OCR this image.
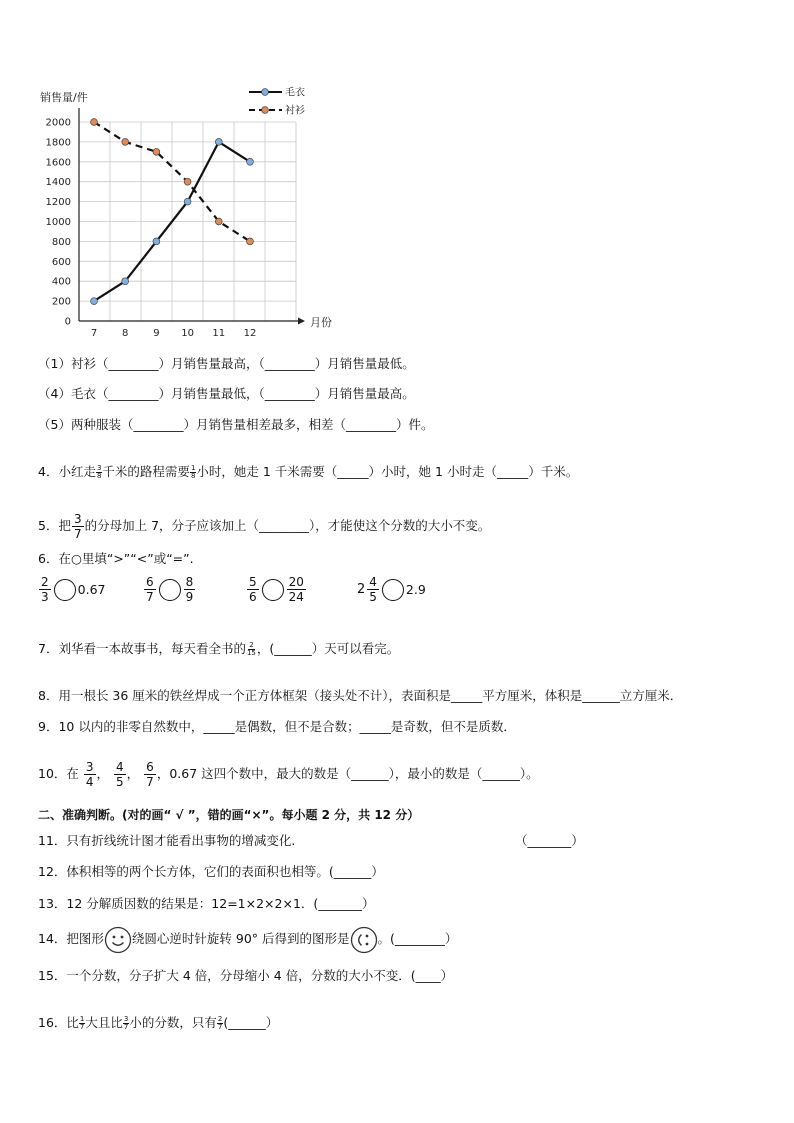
销售量/件
月份
0
200
400
600
800
1000
1200
1400
1600
1800
2000
7 8 9 10 11 12
毛衣
衬衫
（1）衬衫（________）月销售量最高，（________）月销售量最低。
（4）毛衣（________）月销售量最低，（________）月销售量最高。
（5）两种服装（________）月销售量相差最多，相差（________）件。
4．小红走 $\frac{3}{8}$ 千米的路程需要 $\frac{1}{8}$ 小时，她走 1 千米需要（_____）小时，她 1 小时走（_____）千米。
5．把 $\frac{3}{7}$ 的分母加上 7，分子应该加上（________），才能使这个分数的大小不变。
6．在○里填“>”“<”或“=”.
$\frac{2}{3} 0.67$	$\frac{6}{7} \frac{8}{9}$	$\frac{5}{6} \frac{20}{24}$	$2 \frac{4}{5} 2.9$
7．刘华看一本故事书，每天看全书的 $\frac{2}{15}$ ，(______）天可以看完。
8．用一根长 36 厘米的铁丝焊成一个正方体框架（接头处不计），表面积是_____平方厘米，体积是______立方厘米．
9．10 以内的非零自然数中，_____是偶数，但不是合数；_____是奇数，但不是质数．
10．在 $\frac{3}{4}$ ， $\frac{4}{5}$ ， $\frac{6}{7}$ ，0.67 这四个数中，最大的数是（______），最小的数是（______）。
二、准确判断。(对的画“ √ ”，错的画“×”。每小题 2 分，共 12 分）
11．只有折线统计图才能看出事物的增减变化.	（_______）
12．体积相等的两个长方体，它们的表面积也相等。(______）
13．12 分解质因数的结果是：12=1×2×2×1．(_______）
14．把图形 绕圆心逆时针旋转 90° 后得到的图形是 。(________）
15．一个分数，分子扩大 4 倍，分母缩小 4 倍，分数的大小不变．(____）
16．比 $\frac{1}{7}$ 大且比 $\frac{3}{7}$ 小的分数，只有 $\frac{2}{7}$ (______）
